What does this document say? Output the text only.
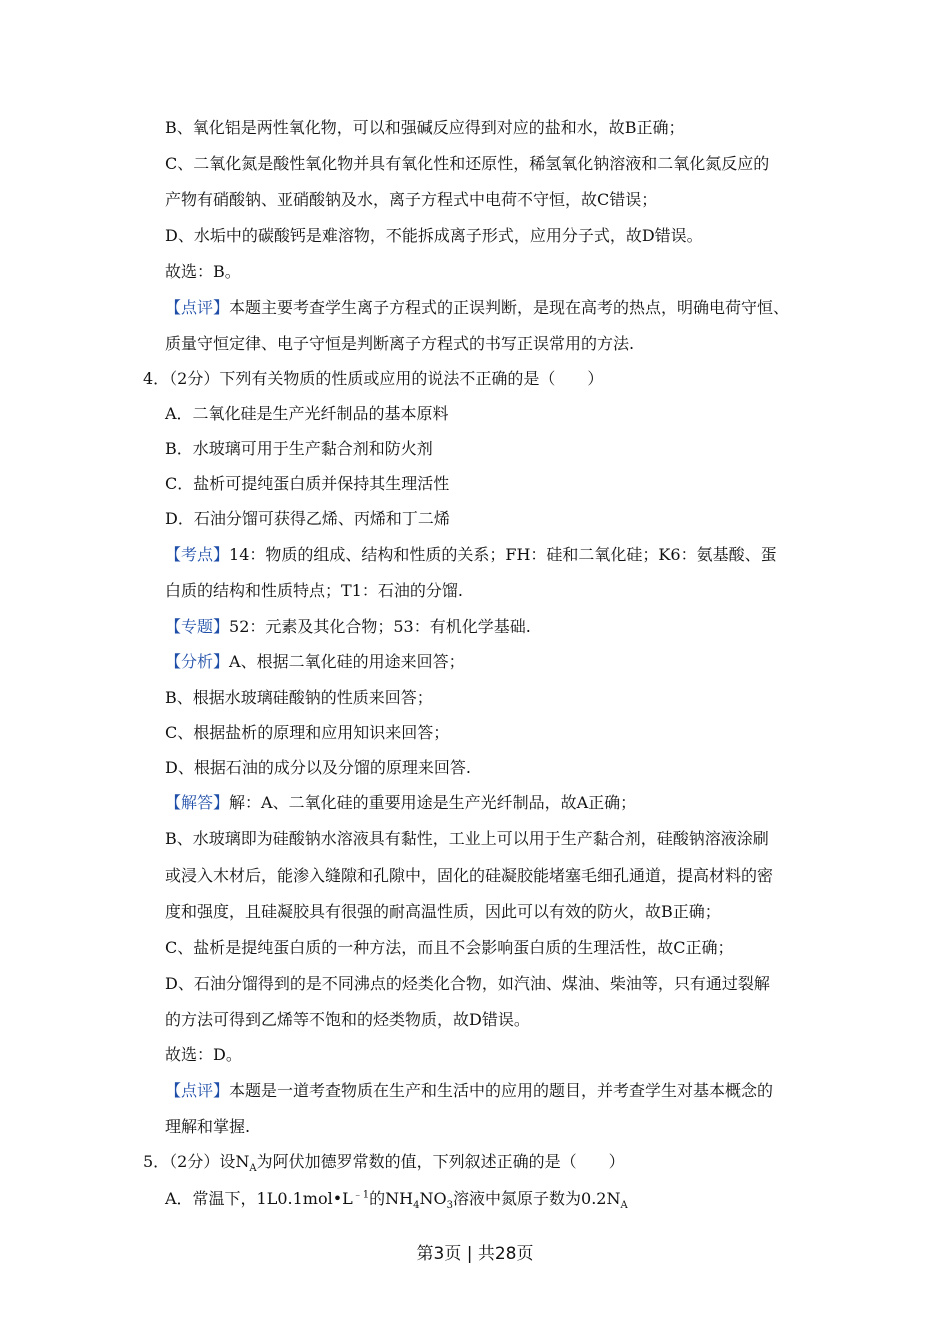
B、氧化铝是两性氧化物，可以和强碱反应得到对应的盐和水，故B正确；
C、二氧化氮是酸性氧化物并具有氧化性和还原性，稀氢氧化钠溶液和二氧化氮反应的
产物有硝酸钠、亚硝酸钠及水，离子方程式中电荷不守恒，故C错误；
D、水垢中的碳酸钙是难溶物，不能拆成离子形式，应用分子式，故D错误。
故选：B。
【点评】本题主要考查学生离子方程式的正误判断，是现在高考的热点，明确电荷守恒、
质量守恒定律、电子守恒是判断离子方程式的书写正误常用的方法.
4．（2分）下列有关物质的性质或应用的说法不正确的是（　　）
A．二氧化硅是生产光纤制品的基本原料
B．水玻璃可用于生产黏合剂和防火剂
C．盐析可提纯蛋白质并保持其生理活性
D．石油分馏可获得乙烯、丙烯和丁二烯
【考点】14：物质的组成、结构和性质的关系；FH：硅和二氧化硅；K6：氨基酸、蛋
白质的结构和性质特点；T1：石油的分馏.
【专题】52：元素及其化合物；53：有机化学基础.
【分析】A、根据二氧化硅的用途来回答；
B、根据水玻璃硅酸钠的性质来回答；
C、根据盐析的原理和应用知识来回答；
D、根据石油的成分以及分馏的原理来回答.
【解答】解：A、二氧化硅的重要用途是生产光纤制品，故A正确；
B、水玻璃即为硅酸钠水溶液具有黏性，工业上可以用于生产黏合剂，硅酸钠溶液涂刷
或浸入木材后，能渗入缝隙和孔隙中，固化的硅凝胶能堵塞毛细孔通道，提高材料的密
度和强度，且硅凝胶具有很强的耐高温性质，因此可以有效的防火，故B正确；
C、盐析是提纯蛋白质的一种方法，而且不会影响蛋白质的生理活性，故C正确；
D、石油分馏得到的是不同沸点的烃类化合物，如汽油、煤油、柴油等，只有通过裂解
的方法可得到乙烯等不饱和的烃类物质，故D错误。
故选：D。
【点评】本题是一道考查物质在生产和生活中的应用的题目，并考查学生对基本概念的
理解和掌握.
5．（2分）设$N_A$为阿伏加德罗常数的值，下列叙述正确的是（　　）
A．常温下，$1L0.1mol•L^{﹣1}$的$NH_4NO_3$溶液中氮原子数为$0.2N_A$
第3页 | 共28页
